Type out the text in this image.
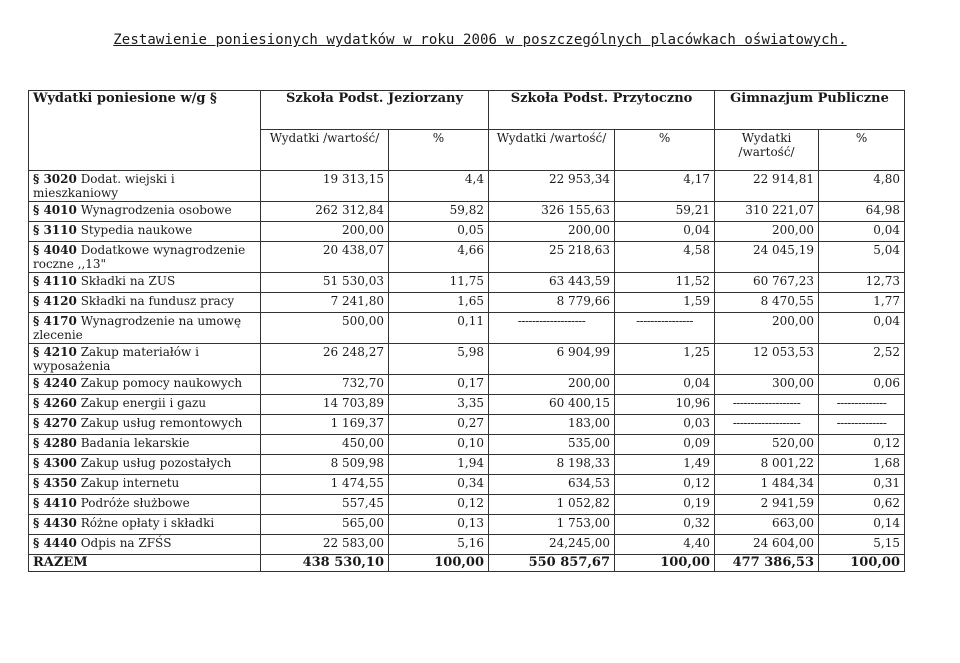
Zestawienie poniesionych wydatków w roku 2006 w poszczególnych placówkach oświatowych.
Wydatki poniesione w/g §	Szkoła Podst. Jeziorzany		Szkoła Podst. Przytoczno		Gimnazjum Publiczne	
	Wydatki /wartość/	%	Wydatki /wartość/	%	Wydatki /wartość/	%
§ 3020 Dodat. wiejski i mieszkaniowy	19 313,15	4,4	22 953,34	4,17	22 914,81	4,80
§ 4010 Wynagrodzenia osobowe	262 312,84	59,82	326 155,63	59,21	310 221,07	64,98
§ 3110 Stypedia naukowe	200,00	0,05	200,00	0,04	200,00	0,04
§ 4040 Dodatkowe wynagrodzenie roczne ,,13"	20 438,07	4,66	25 218,63	4,58	24 045,19	5,04
§ 4110 Składki na ZUS	51 530,03	11,75	63 443,59	11,52	60 767,23	12,73
§ 4120 Składki na fundusz pracy	7 241,80	1,65	8 779,66	1,59	8 470,55	1,77
§ 4170 Wynagrodzenie na umowę zlecenie	500,00	0,11	-------------------	----------------	200,00	0,04
§ 4210 Zakup materiałów i wyposażenia	26 248,27	5,98	6 904,99	1,25	12 053,53	2,52
§ 4240 Zakup pomocy naukowych	732,70	0,17	200,00	0,04	300,00	0,06
§ 4260 Zakup energii i gazu	14 703,89	3,35	60 400,15	10,96	-------------------	--------------
§ 4270 Zakup usług remontowych	1 169,37	0,27	183,00	0,03	-------------------	--------------
§ 4280 Badania lekarskie	450,00	0,10	535,00	0,09	520,00	0,12
§ 4300 Zakup usług pozostałych	8 509,98	1,94	8 198,33	1,49	8 001,22	1,68
§ 4350 Zakup internetu	1 474,55	0,34	634,53	0,12	1 484,34	0,31
§ 4410 Podróże służbowe	557,45	0,12	1 052,82	0,19	2 941,59	0,62
§ 4430 Różne opłaty i składki	565,00	0,13	1 753,00	0,32	663,00	0,14
§ 4440 Odpis na ZFŚS	22 583,00	5,16	24,245,00	4,40	24 604,00	5,15
RAZEM	438 530,10	100,00	550 857,67	100,00	477 386,53	100,00
